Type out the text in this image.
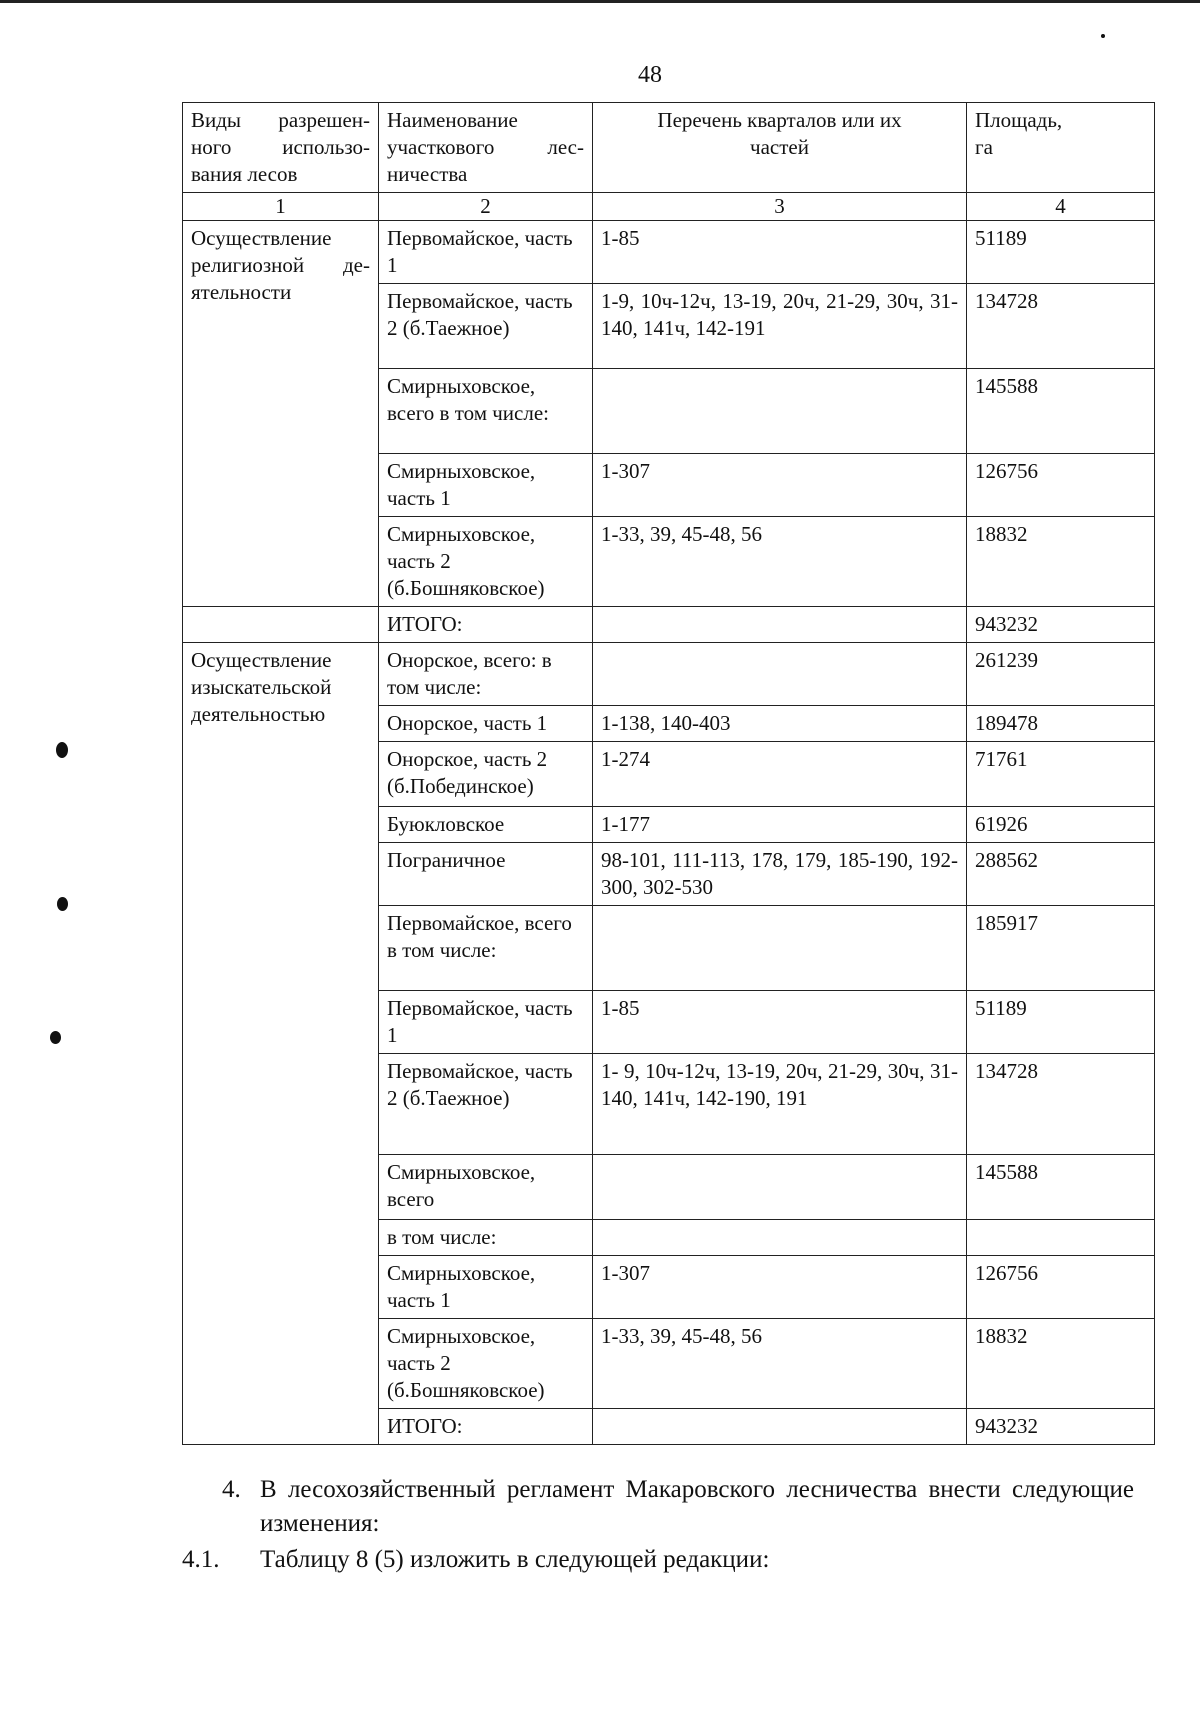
48
Виды разрешен-ного использо-вания лесов	Наименование участкового лес-ничества	Перечень кварталов или их частей	Площадь, га
1	2	3	4
Осуществление религиозной де-ятельности	Первомайское, часть 1	1-85	51189
	Первомайское, часть 2 (б.Таежное)	1-9, 10ч-12ч, 13-19, 20ч, 21-29, 30ч, 31-140, 141ч, 142-191	134728
	Смирныховское, всего в том числе:		145588
	Смирныховское, часть 1	1-307	126756
	Смирныховское, часть 2 (б.Бошняковское)	1-33, 39, 45-48, 56	18832
	ИТОГО:		943232
Осуществление изыскательской деятельностью	Онорское, всего: в том числе:		261239
	Онорское, часть 1	1-138, 140-403	189478
	Онорское, часть 2 (б.Побединское)	1-274	71761
	Буюкловское	1-177	61926
	Пограничное	98-101, 111-113, 178, 179, 185-190, 192-300, 302-530	288562
	Первомайское, всего в том числе:		185917
	Первомайское, часть 1	1-85	51189
	Первомайское, часть 2 (б.Таежное)	1- 9, 10ч-12ч, 13-19, 20ч, 21-29, 30ч, 31-140, 141ч, 142-190, 191	134728
	Смирныховское, всего		145588
	в том числе:		
	Смирныховское, часть 1	1-307	126756
	Смирныховское, часть 2 (б.Бошняковское)	1-33, 39, 45-48, 56	18832
	ИТОГО:		943232
4. В лесохозяйственный регламент Макаровского лесничества внести следующие изменения:
4.1. Таблицу 8 (5) изложить в следующей редакции:
